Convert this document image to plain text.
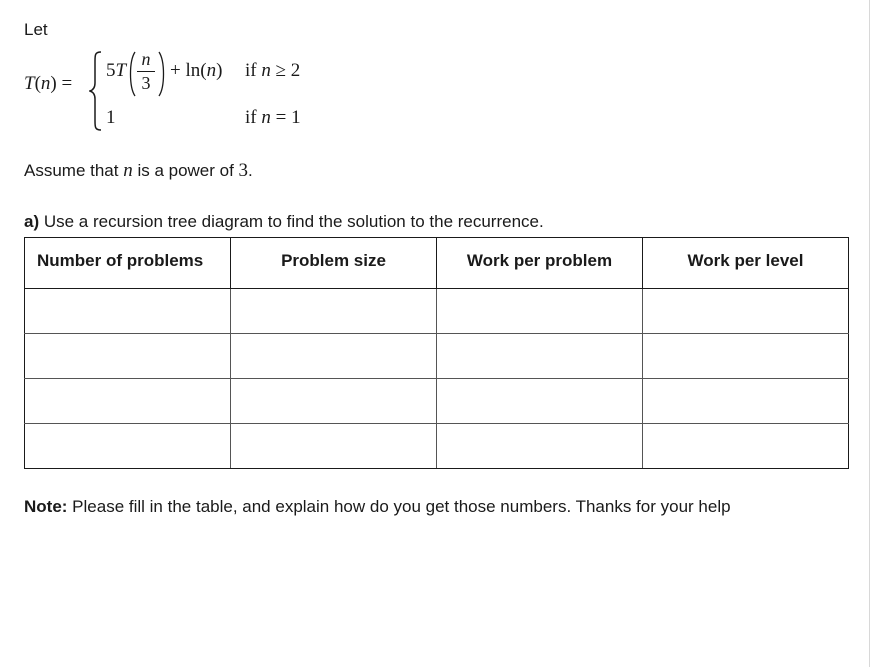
Let
T(n) =
5T
n
3
+ ln(n) if n ≥ 2
1	if n = 1
Assume that n is a power of 3.
a) Use a recursion tree diagram to find the solution to the recurrence.
Number of problems	Problem size	Work per problem	Work per level

Note: Please fill in the table, and explain how do you get those numbers. Thanks for your help
